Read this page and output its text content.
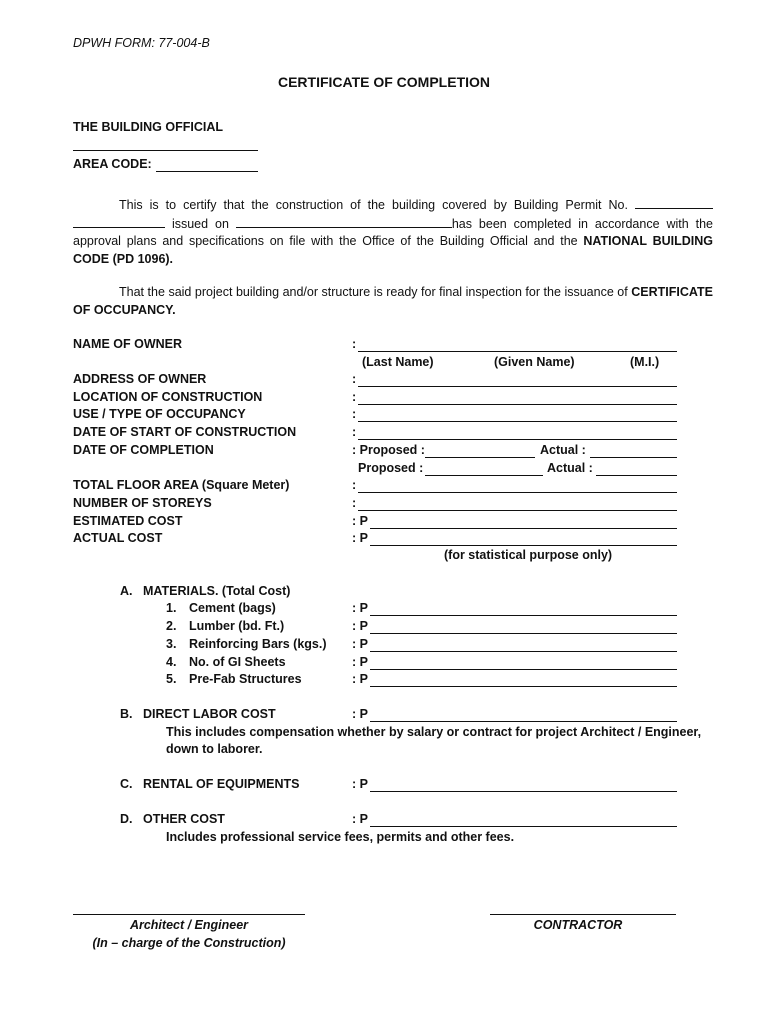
DPWH FORM: 77-004-B
CERTIFICATE OF COMPLETION
THE BUILDING OFFICIAL
AREA CODE:
This is to certify that the construction of the building covered by Building Permit No.   issued on	has been completed in accordance with the approval plans and specifications on file with the Office of the Building Official and the NATIONAL BUILDING CODE (PD 1096).
That the said project building and/or structure is ready for final inspection for the issuance of CERTIFICATE OF OCCUPANCY.
NAME OF OWNER	:
(Last Name)	(Given Name)	(M.I.)
ADDRESS OF OWNER	:
LOCATION OF CONSTRUCTION	:
USE / TYPE OF OCCUPANCY	:
DATE OF START OF CONSTRUCTION	:
DATE OF COMPLETION	: Proposed :	Actual :
Proposed :	Actual :
TOTAL FLOOR AREA (Square Meter)	:
NUMBER OF STOREYS	:
ESTIMATED COST	: P
ACTUAL COST	: P
(for statistical purpose only)
A. MATERIALS. (Total Cost)
1. Cement (bags)	: P
2. Lumber (bd. Ft.)	: P
3. Reinforcing Bars (kgs.) : P
4. No. of GI Sheets	: P
5. Pre-Fab Structures	: P
B. DIRECT LABOR COST	: P
This includes compensation whether by salary or contract for project Architect / Engineer,
down to laborer.
C. RENTAL OF EQUIPMENTS	: P
D. OTHER COST	: P
Includes professional service fees, permits and other fees.
Architect / Engineer
(In – charge of the Construction)
CONTRACTOR
